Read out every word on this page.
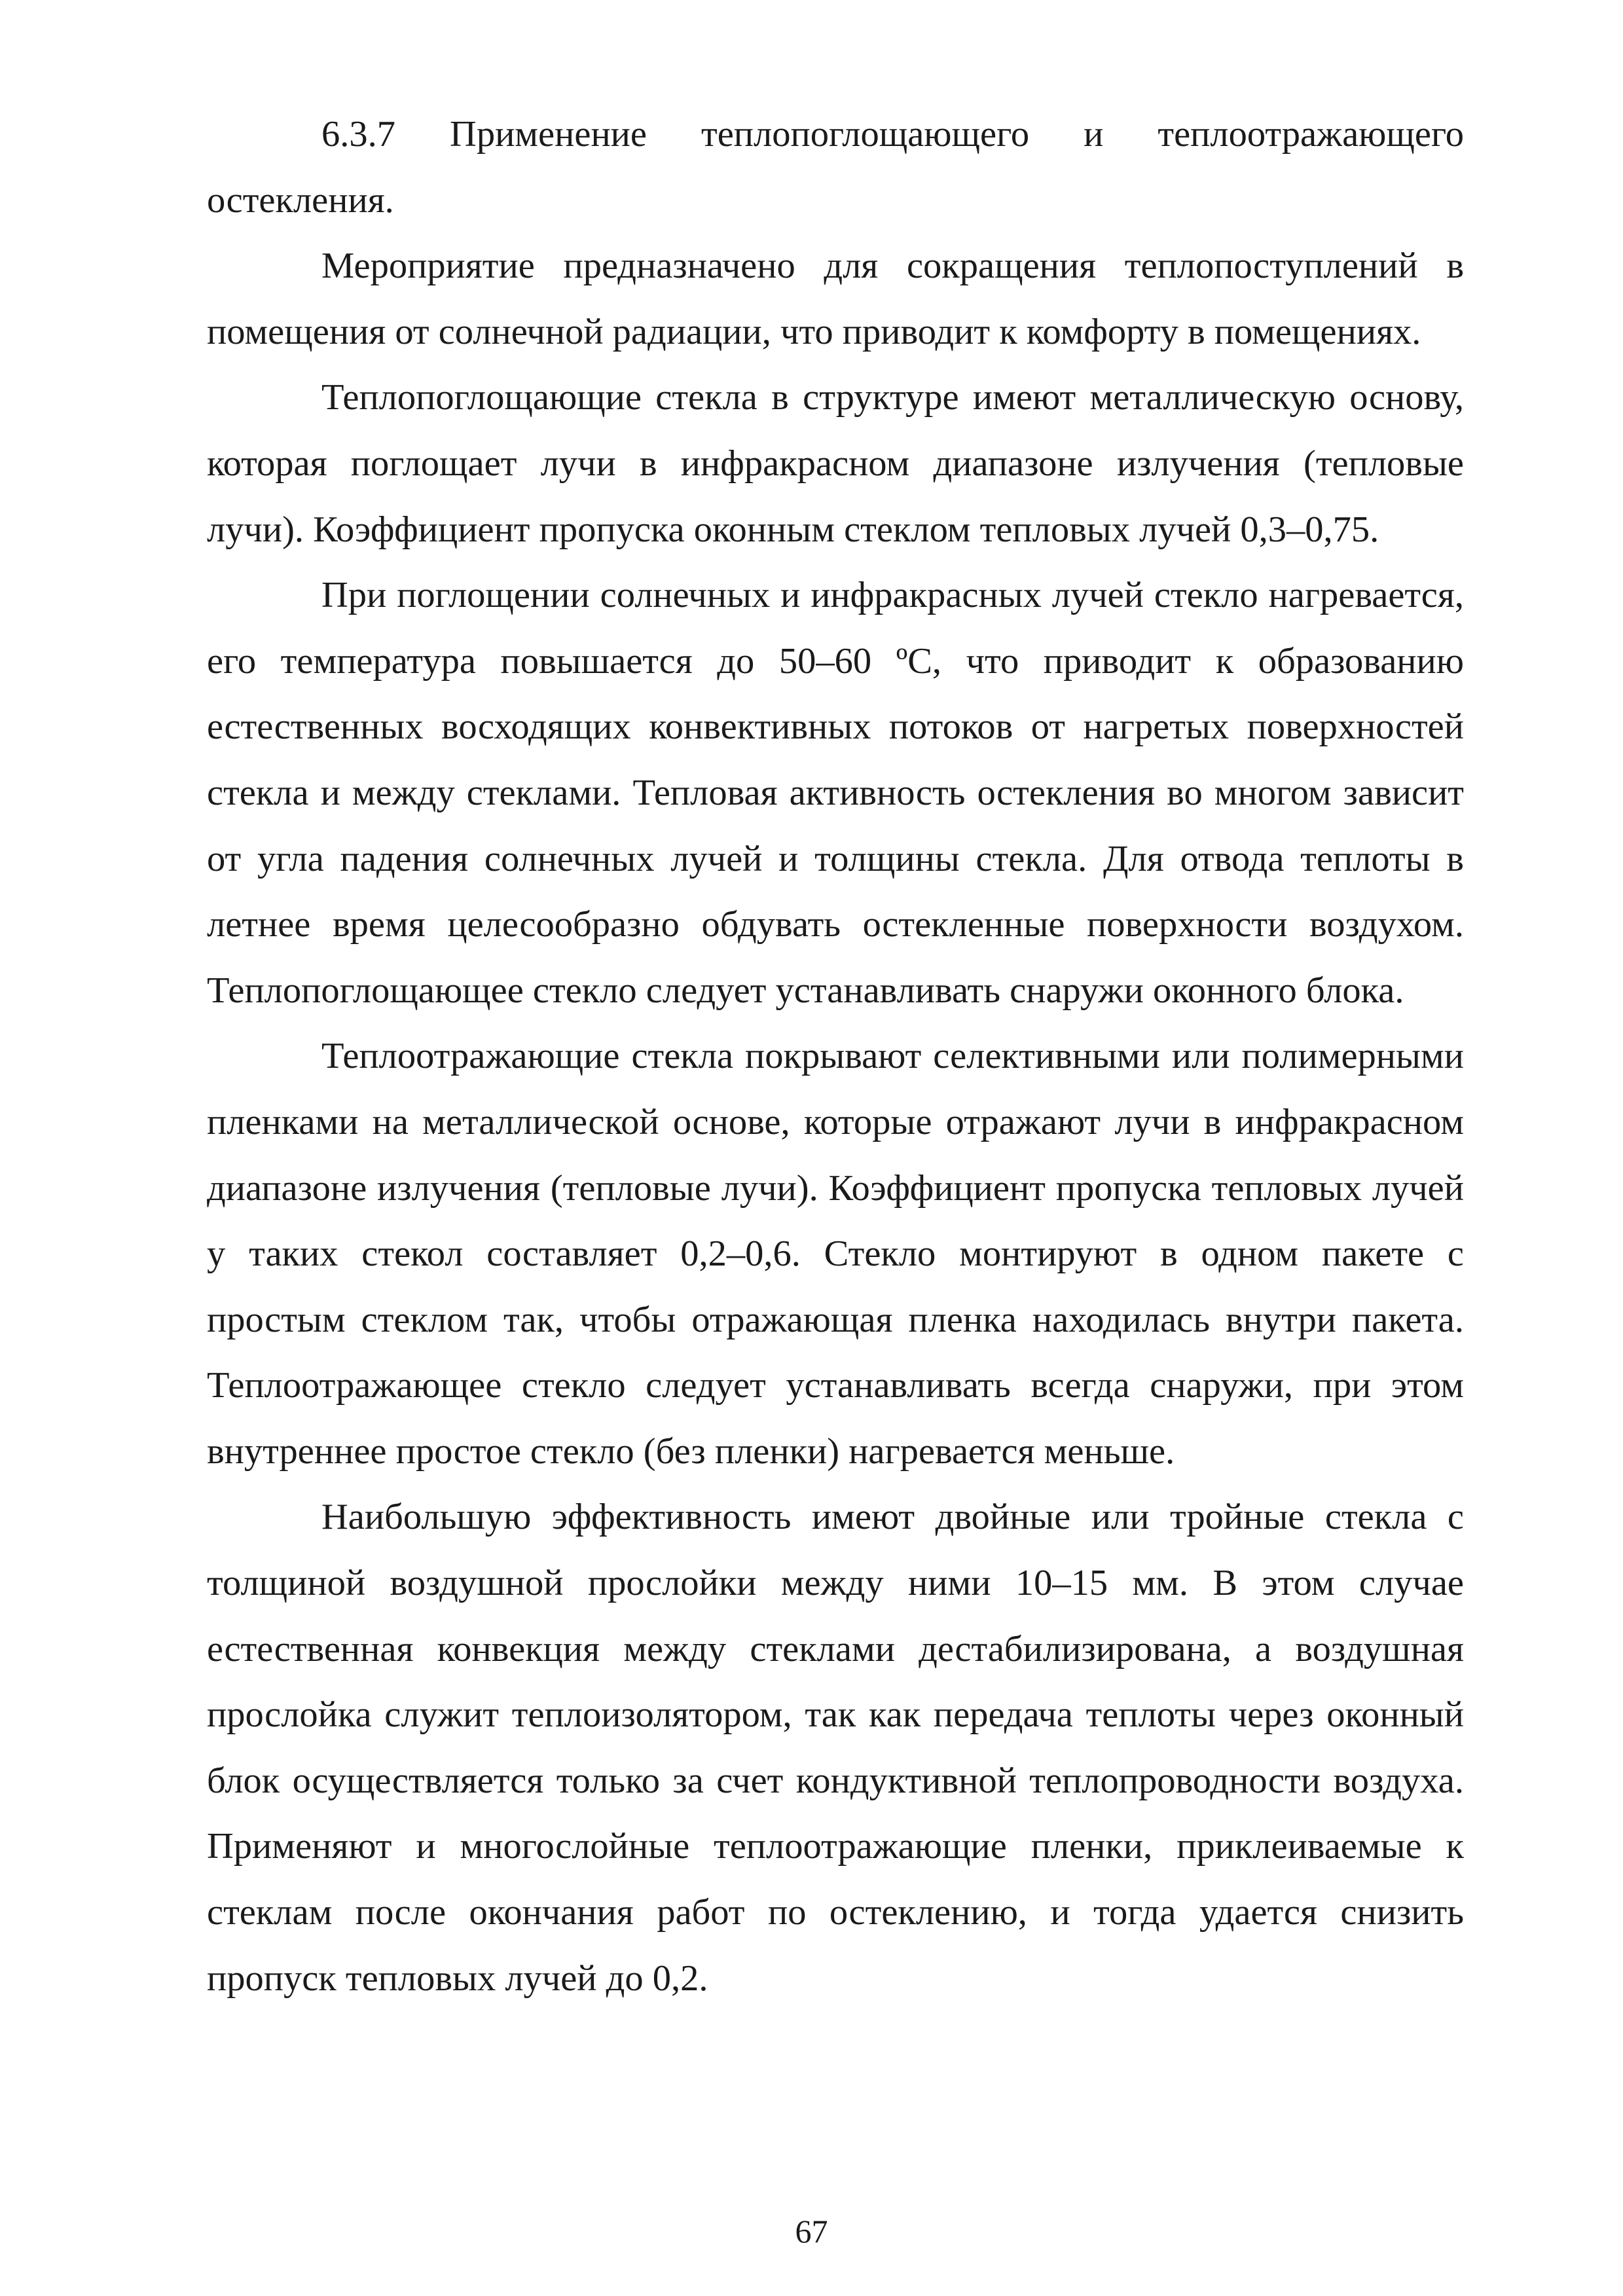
6.3.7 Применение теплопоглощающего и теплоотражающего

остекления.

Мероприятие предназначено для сокращения теплопоступлений в помещения от солнечной радиации, что приводит к комфорту в помещениях.

Теплопоглощающие стекла в структуре имеют металлическую основу, которая поглощает лучи в инфракрасном диапазоне излучения (тепловые лучи). Коэффициент пропуска оконным стеклом тепловых лучей 0,3–0,75.

При поглощении солнечных и инфракрасных лучей стекло нагревается, его температура повышается до 50–60 ºС, что приводит к образованию естественных восходящих конвективных потоков от нагретых поверхностей стекла и между стеклами. Тепловая активность остекления во многом зависит от угла падения солнечных лучей и толщины стекла. Для отвода теплоты в летнее время целесообразно обдувать остекленные поверхности воздухом. Теплопоглощающее стекло следует устанавливать снаружи оконного блока.

Теплоотражающие стекла покрывают селективными или полимерными пленками на металлической основе, которые отражают лучи в инфракрасном диапазоне излучения (тепловые лучи). Коэффициент пропуска тепловых лучей у таких стекол составляет 0,2–0,6. Стекло монтируют в одном пакете с простым стеклом так, чтобы отражающая пленка находилась внутри пакета. Теплоотражающее стекло следует устанавливать всегда снаружи, при этом внутреннее простое стекло (без пленки) нагревается меньше.

Наибольшую эффективность имеют двойные или тройные стекла с толщиной воздушной прослойки между ними 10–15 мм. В этом случае естественная конвекция между стеклами дестабилизирована, а воздушная прослойка служит теплоизолятором, так как передача теплоты через оконный блок осуществляется только за счет кондуктивной теплопроводности воздуха. Применяют и многослойные теплоотражающие пленки, приклеиваемые к стеклам после окончания работ по остеклению, и тогда удается снизить пропуск тепловых лучей до 0,2.

67
